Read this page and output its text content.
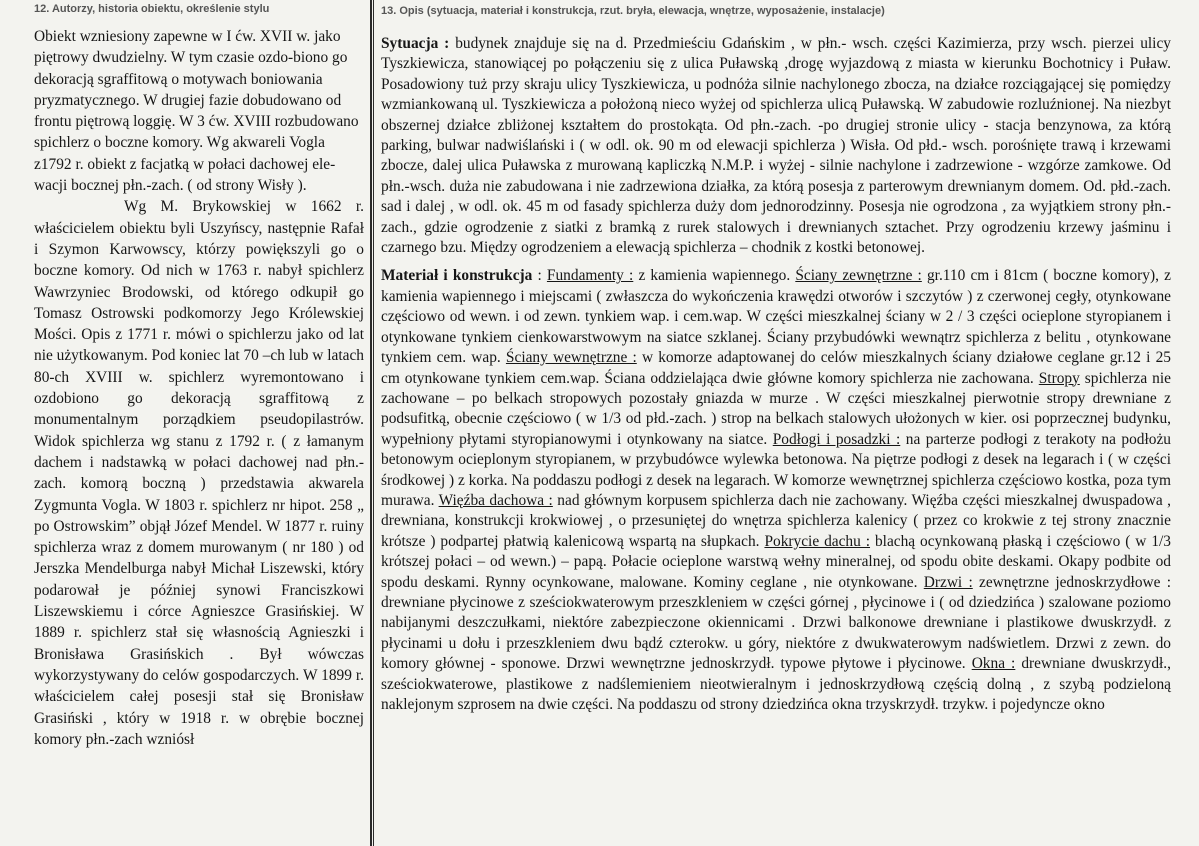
12. Autorzy, historia obiektu, określenie stylu

Obiekt wzniesiony zapewne w I ćw. XVII w. jako piętrowy dwudzielny. W tym czasie ozdo-biono go dekoracją sgraffitową o motywach boniowania pryzmatycznego. W drugiej fazie dobudowano od frontu piętrową loggię. W 3 ćw. XVIII rozbudowano spichlerz o boczne komory. Wg akwareli Vogla z1792 r. obiekt z facjatką w połaci dachowej ele-wacji bocznej płn.-zach. ( od strony Wisły ).

Wg M. Brykowskiej w 1662 r. właścicielem obiektu byli Uszyńscy, następnie Rafał i Szymon Karwowscy, którzy powiększyli go o boczne komory. Od nich w 1763 r. nabył spichlerz Wawrzyniec Brodowski, od którego odkupił go Tomasz Ostrowski podkomorzy Jego Królewskiej Mości. Opis z 1771 r. mówi o spichlerzu jako od lat nie użytkowanym. Pod koniec lat 70 –ch lub w latach 80-ch XVIII w. spichlerz wyremontowano i ozdobiono go dekoracją sgraffitową z monumentalnym porządkiem pseudopilastrów. Widok spichlerza wg stanu z 1792 r. ( z łamanym dachem i nadstawką w połaci dachowej nad płn.-zach. komorą boczną ) przedstawia akwarela Zygmunta Vogla. W 1803 r. spichlerz nr hipot. 258 „ po Ostrowskim” objął Józef Mendel. W 1877 r. ruiny spichlerza wraz z domem murowanym ( nr 180 ) od Jerszka Mendelburga nabył Michał Liszewski, który podarował je później synowi Franciszkowi Liszewskiemu i córce Agnieszce Grasińskiej. W 1889 r. spichlerz stał się własnością Agnieszki i Bronisława Grasińskich . Był wówczas wykorzystywany do celów gospodarczych. W 1899 r. właścicielem całej posesji stał się Bronisław Grasiński , który w 1918 r. w obrębie bocznej komory płn.-zach wzniósł

13. Opis (sytuacja, materiał i konstrukcja, rzut. bryła, elewacja, wnętrze, wyposażenie, instalacje)

Sytuacja : budynek znajduje się na d. Przedmieściu Gdańskim , w płn.- wsch. części Kazimierza, przy wsch. pierzei ulicy Tyszkiewicza, stanowiącej po połączeniu się z ulica Puławską ,drogę wyjazdową z miasta w kierunku Bochotnicy i Puław. Posadowiony tuż przy skraju ulicy Tyszkiewicza, u podnóża silnie nachylonego zbocza, na działce rozciągającej się pomiędzy wzmiankowaną ul. Tyszkiewicza a położoną nieco wyżej od spichlerza ulicą Puławską. W zabudowie rozluźnionej. Na niezbyt obszernej działce zbliżonej kształtem do prostokąta. Od płn.-zach. -po drugiej stronie ulicy - stacja benzynowa, za którą parking, bulwar nadwiślański i ( w odl. ok. 90 m od elewacji spichlerza ) Wisła. Od płd.- wsch. porośnięte trawą i krzewami zbocze, dalej ulica Puławska z murowaną kapliczką N.M.P. i wyżej - silnie nachylone i zadrzewione - wzgórze zamkowe. Od płn.-wsch. duża nie zabudowana i nie zadrzewiona działka, za którą posesja z parterowym drewnianym domem. Od. płd.-zach. sad i dalej , w odl. ok. 45 m od fasady spichlerza duży dom jednorodzinny. Posesja nie ogrodzona , za wyjątkiem strony płn.-zach., gdzie ogrodzenie z siatki z bramką z rurek stalowych i drewnianych sztachet. Przy ogrodzeniu krzewy jaśminu i czarnego bzu. Między ogrodzeniem a elewacją spichlerza – chodnik z kostki betonowej.

Materiał i konstrukcja : Fundamenty : z kamienia wapiennego. Ściany zewnętrzne : gr.110 cm i 81cm ( boczne komory), z kamienia wapiennego i miejscami ( zwłaszcza do wykończenia krawędzi otworów i szczytów ) z czerwonej cegły, otynkowane częściowo od wewn. i od zewn. tynkiem wap. i cem.wap. W części mieszkalnej ściany w 2 / 3 części ocieplone styropianem i otynkowane tynkiem cienkowarstwowym na siatce szklanej. Ściany przybudówki wewnątrz spichlerza z belitu , otynkowane tynkiem cem. wap. Ściany wewnętrzne : w komorze adaptowanej do celów mieszkalnych ściany działowe ceglane gr.12 i 25 cm otynkowane tynkiem cem.wap. Ściana oddzielająca dwie główne komory spichlerza nie zachowana. Stropy spichlerza nie zachowane – po belkach stropowych pozostały gniazda w murze . W części mieszkalnej pierwotnie stropy drewniane z podsufitką, obecnie częściowo ( w 1/3 od płd.-zach. ) strop na belkach stalowych ułożonych w kier. osi poprzecznej budynku, wypełniony płytami styropianowymi i otynkowany na siatce. Podłogi i posadzki : na parterze podłogi z terakoty na podłożu betonowym ocieplonym styropianem, w przybudówce wylewka betonowa. Na piętrze podłogi z desek na legarach i ( w części środkowej ) z korka. Na poddaszu podłogi z desek na legarach. W komorze wewnętrznej spichlerza częściowo kostka, poza tym murawa. Więźba dachowa : nad głównym korpusem spichlerza dach nie zachowany. Więźba części mieszkalnej dwuspadowa , drewniana, konstrukcji krokwiowej , o przesuniętej do wnętrza spichlerza kalenicy ( przez co krokwie z tej strony znacznie krótsze ) podpartej płatwią kalenicową wspartą na słupkach. Pokrycie dachu : blachą ocynkowaną płaską i częściowo ( w 1/3 krótszej połaci – od wewn.) – papą. Połacie ocieplone warstwą wełny mineralnej, od spodu obite deskami. Okapy podbite od spodu deskami. Rynny ocynkowane, malowane. Kominy ceglane , nie otynkowane. Drzwi : zewnętrzne jednoskrzydłowe : drewniane płycinowe z sześciokwaterowym przeszkleniem w części górnej , płycinowe i ( od dziedzińca ) szalowane poziomo nabijanymi deszczułkami, niektóre zabezpieczone okiennicami . Drzwi balkonowe drewniane i plastikowe dwuskrzydł. z płycinami u dołu i przeszkleniem dwu bądź czterokw. u góry, niektóre z dwukwaterowym nadświetlem. Drzwi z zewn. do komory głównej - sponowe. Drzwi wewnętrzne jednoskrzydł. typowe płytowe i płycinowe. Okna : drewniane dwuskrzydł., sześciokwaterowe, plastikowe z nadślemieniem nieotwieralnym i jednoskrzydłową częścią dolną , z szybą podzieloną naklejonym szprosem na dwie części. Na poddaszu od strony dziedzińca okna trzyskrzydł. trzykw. i pojedyncze okno
